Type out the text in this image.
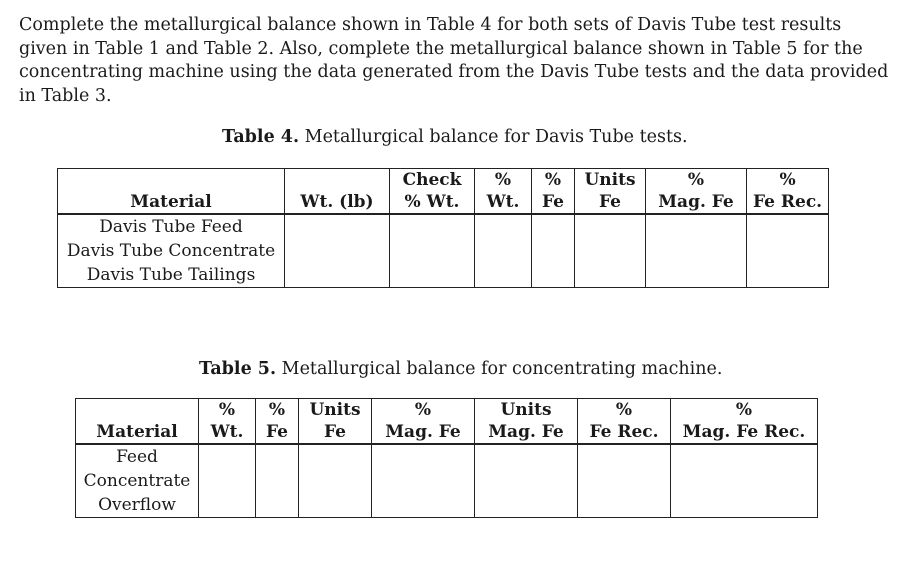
Complete the metallurgical balance shown in Table 4 for both sets of Davis Tube test results given in Table 1 and Table 2. Also, complete the metallurgical balance shown in Table 5 for the concentrating machine using the data generated from the Davis Tube tests and the data provided in Table 3.

Table 4. Metallurgical balance for Davis Tube tests.
		Check	%	%	Units	%	%
Material	Wt. (lb)	% Wt.	Wt.	Fe	Fe	Mag. Fe	Fe Rec.
Davis Tube Feed							
Davis Tube Concentrate							
Davis Tube Tailings							
Table 5. Metallurgical balance for concentrating machine.
	%	%	Units	%	Units	%	%
Material	Wt.	Fe	Fe	Mag. Fe	Mag. Fe	Fe Rec.	Mag. Fe Rec.
Feed							
Concentrate							
Overflow							
